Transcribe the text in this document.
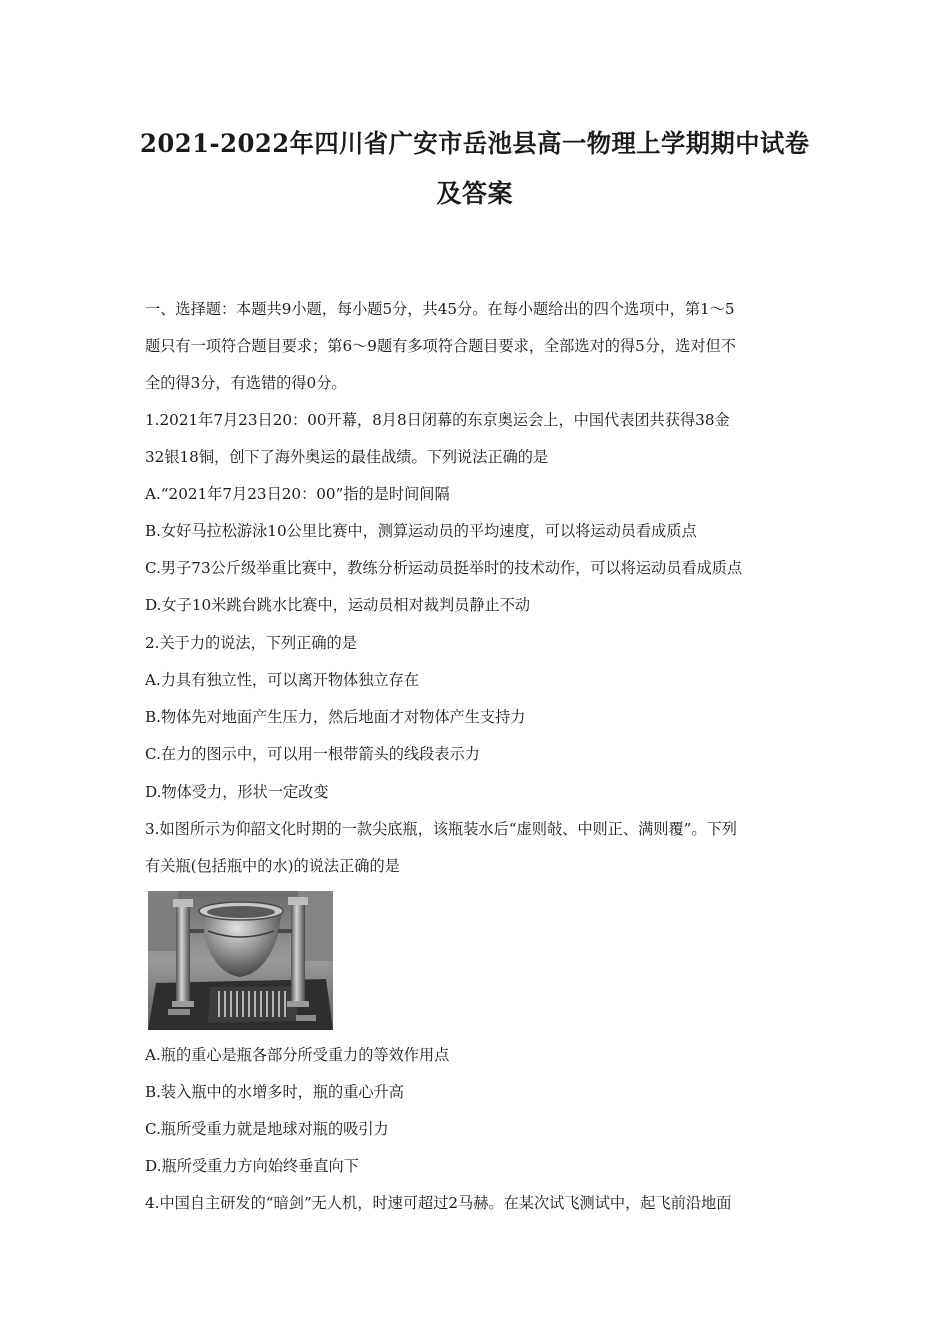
2021-2022年四川省广安市岳池县高一物理上学期期中试卷
及答案
一、选择题：本题共9小题，每小题5分，共45分。在每小题给出的四个选项中，第1～5
题只有一项符合题目要求；第6～9题有多项符合题目要求，全部选对的得5分，选对但不
全的得3分，有选错的得0分。
1.2021年7月23日20：00开幕，8月8日闭幕的东京奥运会上，中国代表团共获得38金
32银18铜，创下了海外奥运的最佳战绩。下列说法正确的是
A.“2021年7月23日20：00”指的是时间间隔
B.女好马拉松游泳10公里比赛中，测算运动员的平均速度，可以将运动员看成质点
C.男子73公斤级举重比赛中，教练分析运动员挺举时的技术动作，可以将运动员看成质点
D.女子10米跳台跳水比赛中，运动员相对裁判员静止不动
2.关于力的说法，下列正确的是
A.力具有独立性，可以离开物体独立存在
B.物体先对地面产生压力，然后地面才对物体产生支持力
C.在力的图示中，可以用一根带箭头的线段表示力
D.物体受力，形状一定改变
3.如图所示为仰韶文化时期的一款尖底瓶，该瓶装水后“虚则敧、中则正、满则覆”。下列
有关瓶(包括瓶中的水)的说法正确的是
A.瓶的重心是瓶各部分所受重力的等效作用点
B.装入瓶中的水增多时，瓶的重心升高
C.瓶所受重力就是地球对瓶的吸引力
D.瓶所受重力方向始终垂直向下
4.中国自主研发的“暗剑”无人机，时速可超过2马赫。在某次试飞测试中，起飞前沿地面
